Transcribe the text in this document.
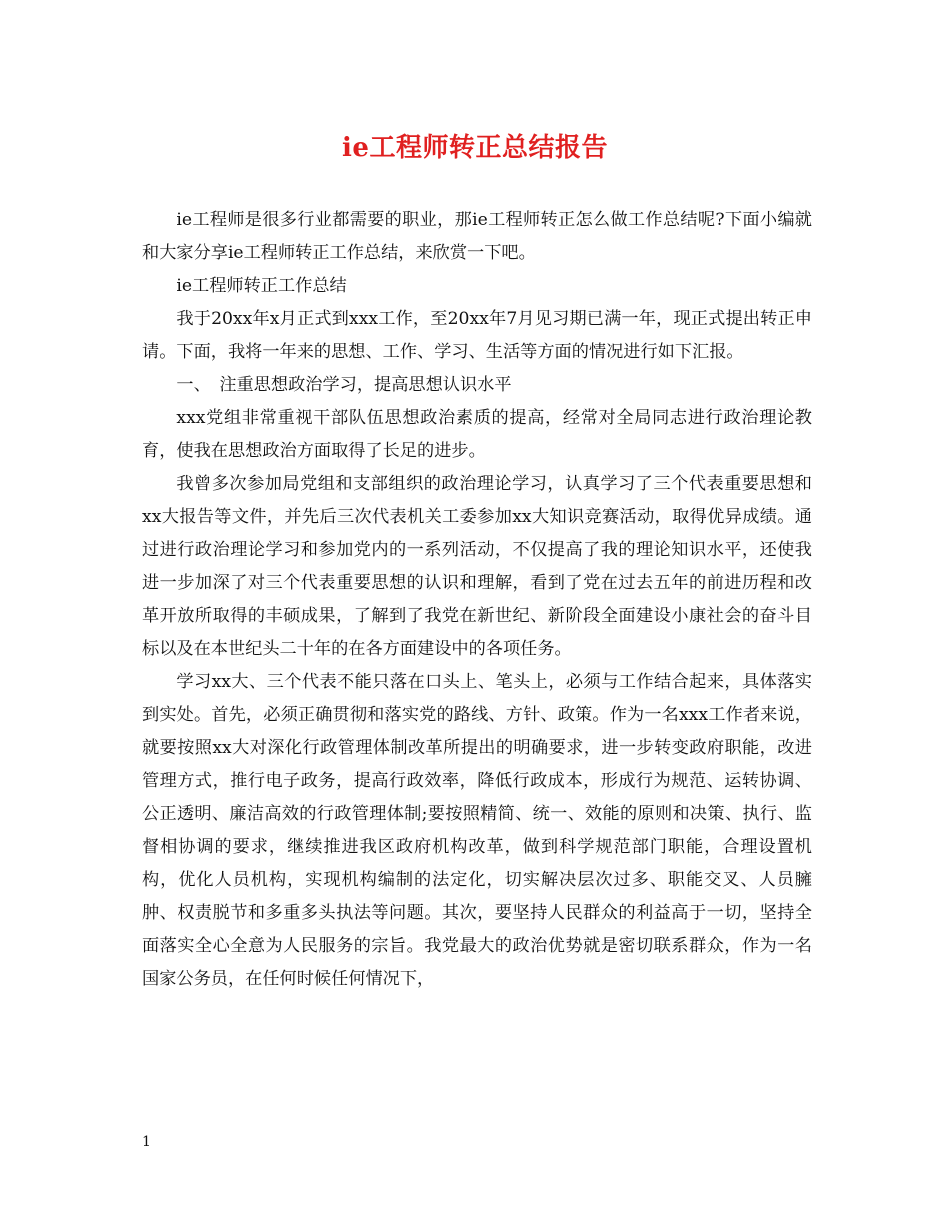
ie工程师转正总结报告

ie工程师是很多行业都需要的职业，那ie工程师转正怎么做工作总结呢?下面小编就和大家分享ie工程师转正工作总结，来欣赏一下吧。

ie工程师转正工作总结

我于20xx年x月正式到xxx工作，至20xx年7月见习期已满一年，现正式提出转正申请。下面，我将一年来的思想、工作、学习、生活等方面的情况进行如下汇报。

一、　注重思想政治学习，提高思想认识水平

xxx党组非常重视干部队伍思想政治素质的提高，经常对全局同志进行政治理论教育，使我在思想政治方面取得了长足的进步。

我曾多次参加局党组和支部组织的政治理论学习，认真学习了三个代表重要思想和xx大报告等文件，并先后三次代表机关工委参加xx大知识竞赛活动，取得优异成绩。通过进行政治理论学习和参加党内的一系列活动，不仅提高了我的理论知识水平，还使我进一步加深了对三个代表重要思想的认识和理解，看到了党在过去五年的前进历程和改革开放所取得的丰硕成果，了解到了我党在新世纪、新阶段全面建设小康社会的奋斗目标以及在本世纪头二十年的在各方面建设中的各项任务。

学习xx大、三个代表不能只落在口头上、笔头上，必须与工作结合起来，具体落实到实处。首先，必须正确贯彻和落实党的路线、方针、政策。作为一名xxx工作者来说，就要按照xx大对深化行政管理体制改革所提出的明确要求，进一步转变政府职能，改进管理方式，推行电子政务，提高行政效率，降低行政成本，形成行为规范、运转协调、公正透明、廉洁高效的行政管理体制;要按照精简、统一、效能的原则和决策、执行、监督相协调的要求，继续推进我区政府机构改革，做到科学规范部门职能，合理设置机构，优化人员机构，实现机构编制的法定化，切实解决层次过多、职能交叉、人员臃肿、权责脱节和多重多头执法等问题。其次，要坚持人民群众的利益高于一切，坚持全面落实全心全意为人民服务的宗旨。我党最大的政治优势就是密切联系群众，作为一名国家公务员，在任何时候任何情况下，

1
